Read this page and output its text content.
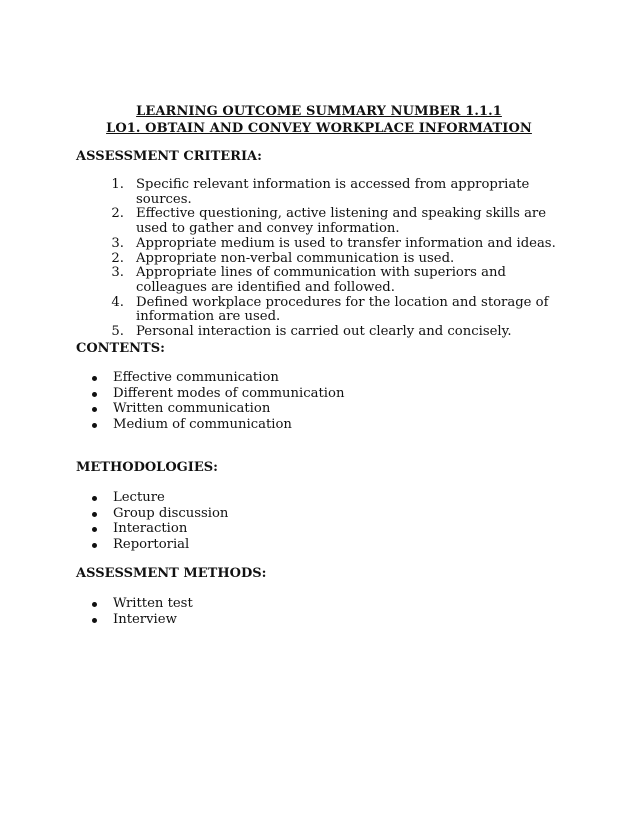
LEARNING OUTCOME SUMMARY NUMBER 1.1.1
LO1. OBTAIN AND CONVEY WORKPLACE INFORMATION
ASSESSMENT CRITERIA:
1. Specific relevant information is accessed from appropriate sources.
2. Effective questioning, active listening and speaking skills are used to gather and convey information.
3. Appropriate medium is used to transfer information and ideas.
2. Appropriate non-verbal communication is used.
3. Appropriate lines of communication with superiors and colleagues are identified and followed.
4. Defined workplace procedures for the location and storage of information are used.
5. Personal interaction is carried out clearly and concisely.
CONTENTS:
Effective communication
Different modes of communication
Written communication
Medium of communication
METHODOLOGIES:
Lecture
Group discussion
Interaction
Reportorial
ASSESSMENT METHODS:
Written test
Interview
